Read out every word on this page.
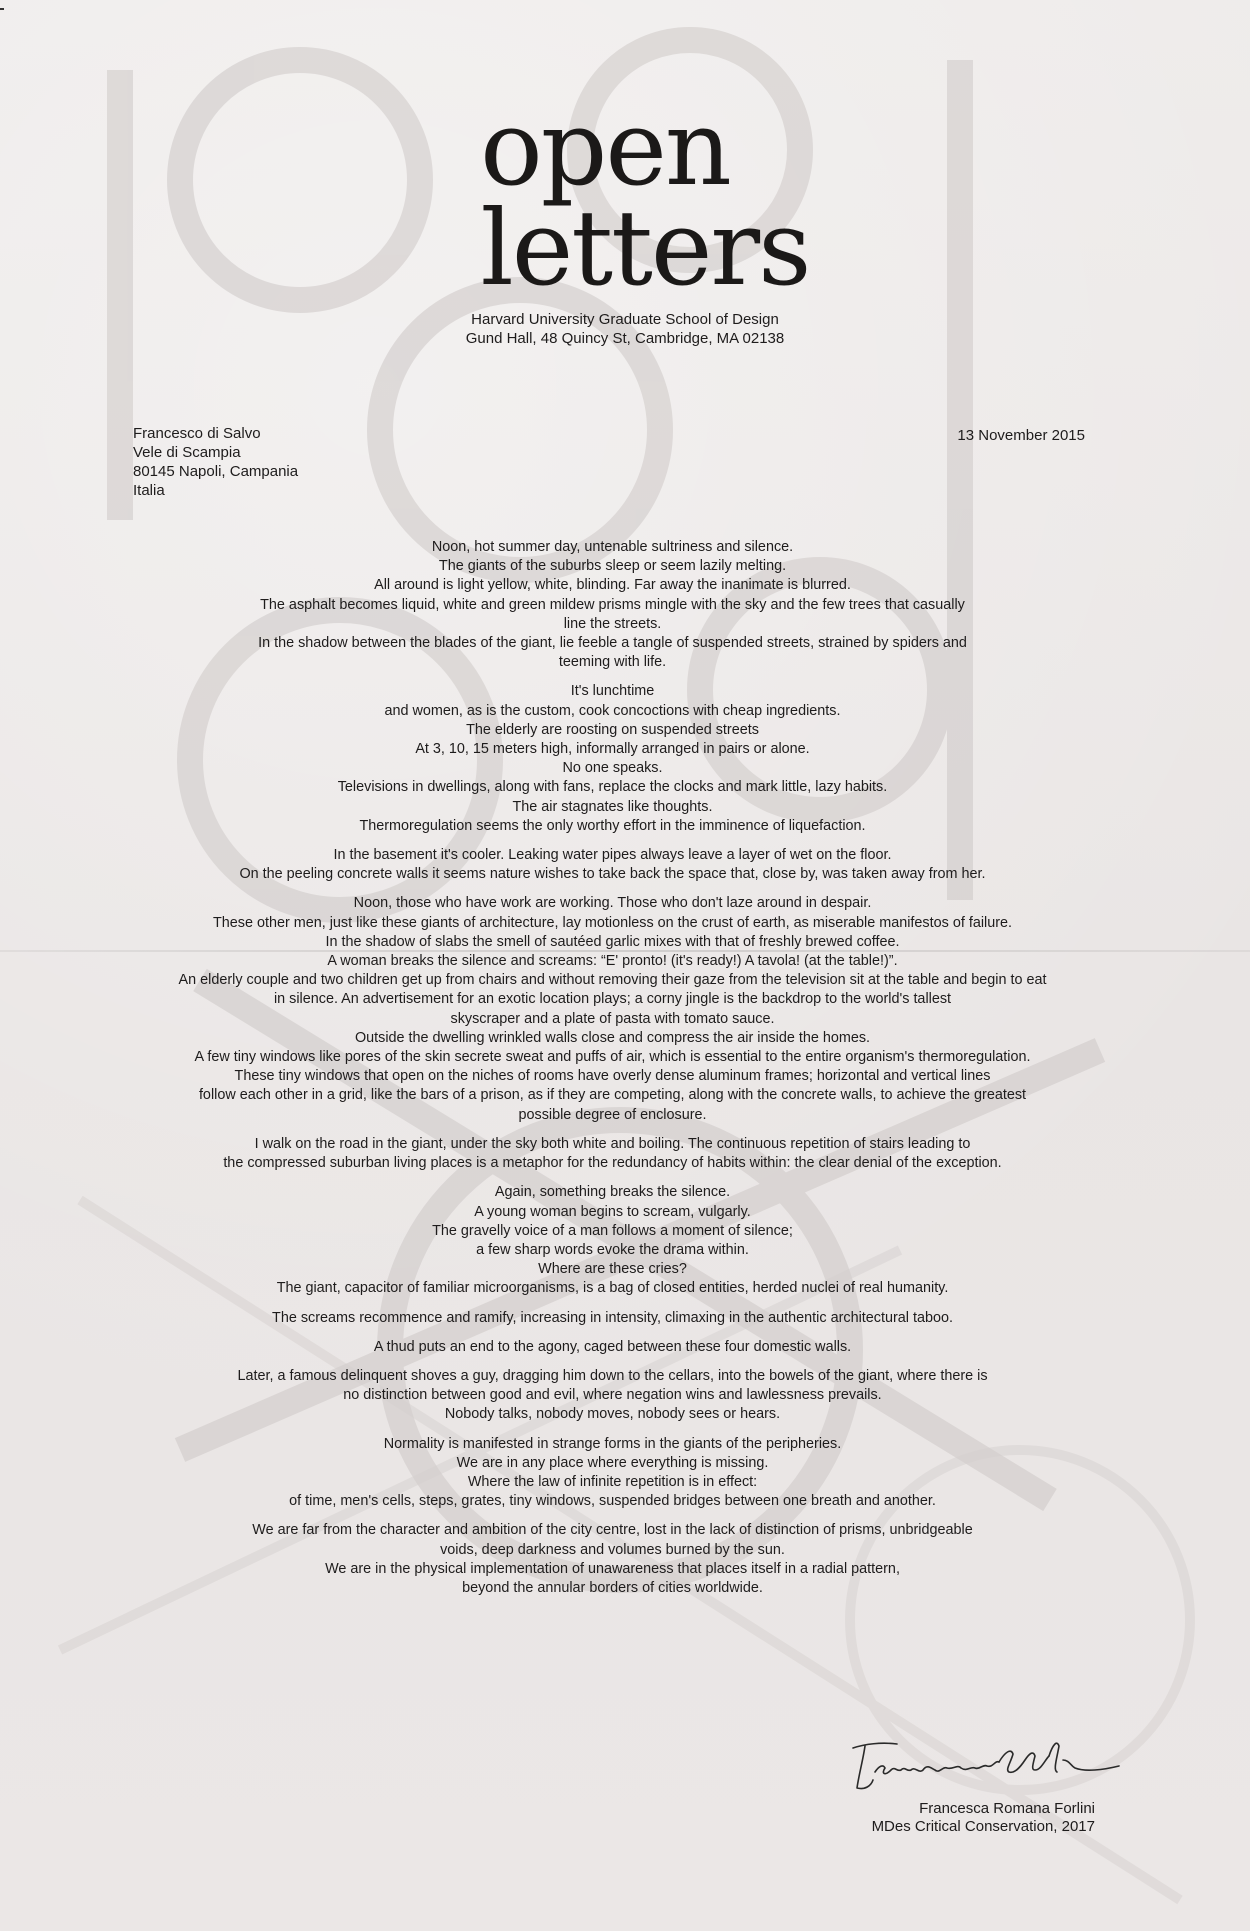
open
letters
Harvard University Graduate School of Design
Gund Hall, 48 Quincy St, Cambridge, MA 02138
Francesco di Salvo
Vele di Scampia
80145 Napoli, Campania
Italia
13 November 2015
Noon, hot summer day, untenable sultriness and silence.
The giants of the suburbs sleep or seem lazily melting.
All around is light yellow, white, blinding. Far away the inanimate is blurred.
The asphalt becomes liquid, white and green mildew prisms mingle with the sky and the few trees that casually
line the streets.
In the shadow between the blades of the giant, lie feeble a tangle of suspended streets, strained by spiders and
teeming with life.
It's lunchtime
and women, as is the custom, cook concoctions with cheap ingredients.
The elderly are roosting on suspended streets
At 3, 10, 15 meters high, informally arranged in pairs or alone.
No one speaks.
Televisions in dwellings, along with fans, replace the clocks and mark little, lazy habits.
The air stagnates like thoughts.
Thermoregulation seems the only worthy effort in the imminence of liquefaction.
In the basement it's cooler. Leaking water pipes always leave a layer of wet on the floor.
On the peeling concrete walls it seems nature wishes to take back the space that, close by, was taken away from her.
Noon, those who have work are working. Those who don't laze around in despair.
These other men, just like these giants of architecture, lay motionless on the crust of earth, as miserable manifestos of failure.
In the shadow of slabs the smell of sautéed garlic mixes with that of freshly brewed coffee.
A woman breaks the silence and screams: “E' pronto! (it's ready!) A tavola! (at the table!)”.
An elderly couple and two children get up from chairs and without removing their gaze from the television sit at the table and begin to eat
in silence. An advertisement for an exotic location plays; a corny jingle is the backdrop to the world's tallest
skyscraper and a plate of pasta with tomato sauce.
Outside the dwelling wrinkled walls close and compress the air inside the homes.
A few tiny windows like pores of the skin secrete sweat and puffs of air, which is essential to the entire organism's thermoregulation.
These tiny windows that open on the niches of rooms have overly dense aluminum frames; horizontal and vertical lines
follow each other in a grid, like the bars of a prison, as if they are competing, along with the concrete walls, to achieve the greatest
possible degree of enclosure.
I walk on the road in the giant, under the sky both white and boiling. The continuous repetition of stairs leading to
the compressed suburban living places is a metaphor for the redundancy of habits within: the clear denial of the exception.
Again, something breaks the silence.
A young woman begins to scream, vulgarly.
The gravelly voice of a man follows a moment of silence;
a few sharp words evoke the drama within.
Where are these cries?
The giant, capacitor of familiar microorganisms, is a bag of closed entities, herded nuclei of real humanity.
The screams recommence and ramify, increasing in intensity, climaxing in the authentic architectural taboo.
A thud puts an end to the agony, caged between these four domestic walls.
Later, a famous delinquent shoves a guy, dragging him down to the cellars, into the bowels of the giant, where there is
no distinction between good and evil, where negation wins and lawlessness prevails.
Nobody talks, nobody moves, nobody sees or hears.
Normality is manifested in strange forms in the giants of the peripheries.
We are in any place where everything is missing.
Where the law of infinite repetition is in effect:
of time, men's cells, steps, grates, tiny windows, suspended bridges between one breath and another.
We are far from the character and ambition of the city centre, lost in the lack of distinction of prisms, unbridgeable
voids, deep darkness and volumes burned by the sun.
We are in the physical implementation of unawareness that places itself in a radial pattern,
beyond the annular borders of cities worldwide.
Francesca Romana Forlini
MDes Critical Conservation, 2017
